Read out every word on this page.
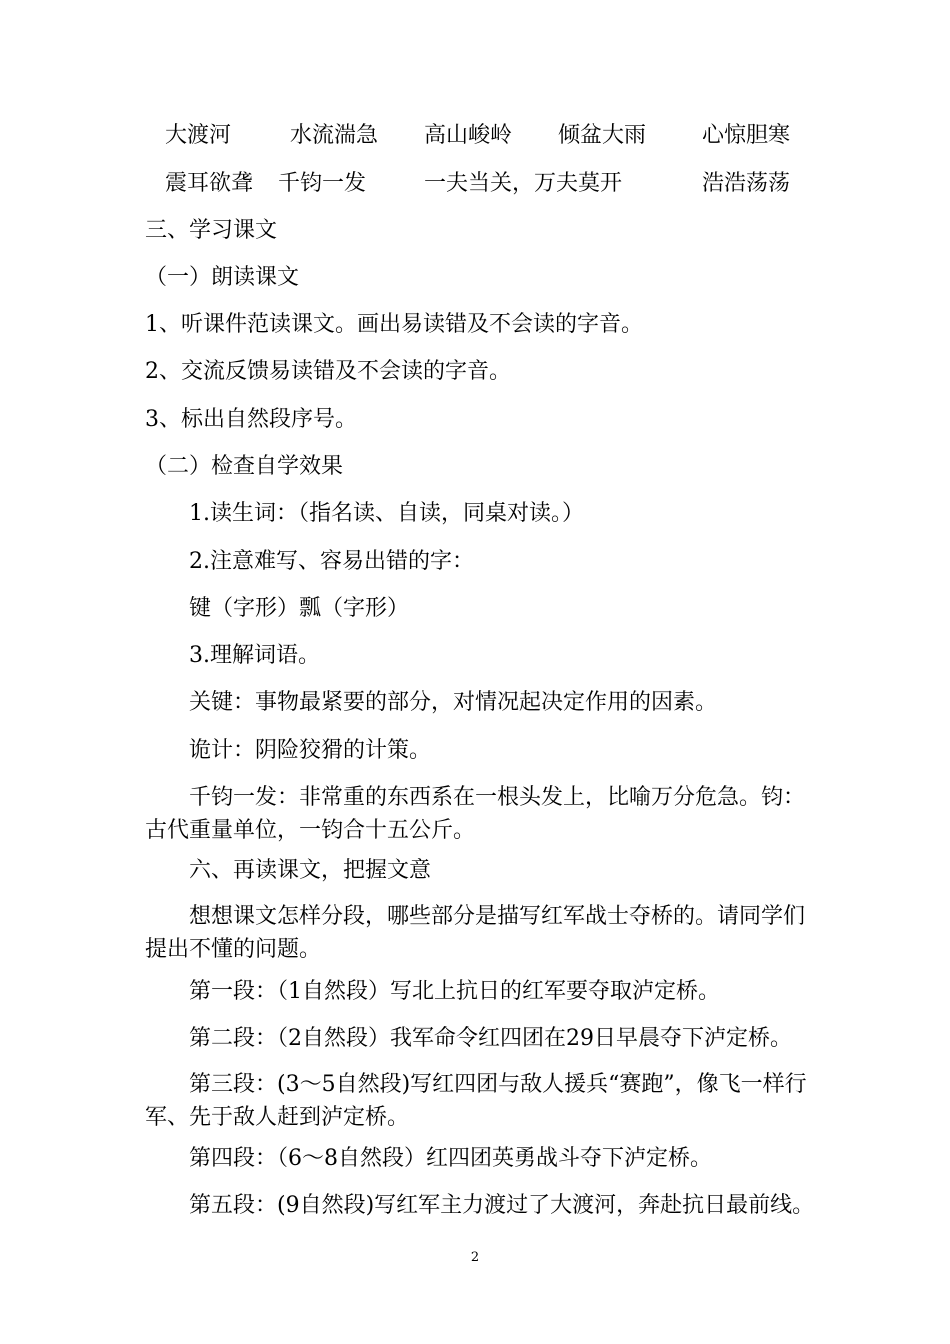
大渡河	水流湍急 高山峻岭 倾盆大雨	心惊胆寒
震耳欲聋 千钧一发	一夫当关，万夫莫开	浩浩荡荡
三、学习课文
（一）朗读课文
1、听课件范读课文。画出易读错及不会读的字音。
2、交流反馈易读错及不会读的字音。
3、标出自然段序号。
（二）检查自学效果
1.读生词：（指名读、自读，同桌对读。）
2.注意难写、容易出错的字：
键（字形）瓢（字形）
3.理解词语。
关键：事物最紧要的部分，对情况起决定作用的因素。
诡计：阴险狡猾的计策。
千钧一发：非常重的东西系在一根头发上，比喻万分危急。钧：古代重量单位，一钧合十五公斤。
六、再读课文，把握文意
想想课文怎样分段，哪些部分是描写红军战士夺桥的。请同学们提出不懂的问题。
第一段：（1自然段）写北上抗日的红军要夺取泸定桥。
第二段：（2自然段）我军命令红四团在29日早晨夺下泸定桥。
第三段：(3～5自然段)写红四团与敌人援兵“赛跑”，像飞一样行军、先于敌人赶到泸定桥。
第四段：（6～8自然段）红四团英勇战斗夺下泸定桥。
第五段：(9自然段)写红军主力渡过了大渡河，奔赴抗日最前线。
2
